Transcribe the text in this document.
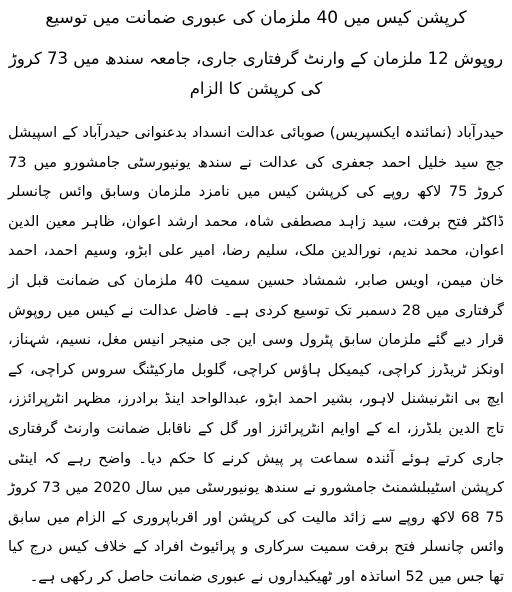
کرپشن کیس میں 40 ملزمان کی عبوری ضمانت میں توسیع
روپوش 12 ملزمان کے وارنٹ گرفتاری جاری، جامعہ سندھ میں 73 کروڑ کی کرپشن کا الزام

حیدرآباد (نمائندہ ایکسپریس) صوبائی عدالت انسداد بدعنوانی حیدرآباد کے اسپیشل جج سید خلیل احمد جعفری کی عدالت نے سندھ یونیورسٹی جامشورو میں 73 کروڑ 75 لاکھ روپے کی کرپشن کیس میں نامزد ملزمان وسابق وائس چانسلر ڈاکٹر فتح برفت، سید زاہد مصطفی شاہ، محمد ارشد اعوان، ظاہر معین الدین اعوان، محمد ندیم، نورالدین ملک، سلیم رضا، امیر علی ابڑو، وسیم احمد، احمد خان میمن، اویس صابر، شمشاد حسین سمیت 40 ملزمان کی ضمانت قبل از گرفتاری میں 28 دسمبر تک توسیع کردی ہے۔ فاضل عدالت نے کیس میں روپوش قرار دیے گئے ملزمان سابق پٹرول وسی این جی منیجر انیس مغل، نسیم، شہناز، اونکز ٹریڈرز کراچی، کیمیکل ہاؤس کراچی، گلوبل مارکیٹنگ سروس کراچی، کے ایچ بی انٹرنیشنل لاہور، بشیر احمد ابڑو، عبدالواحد اینڈ برادرز، مظہر انٹرپرائزز، تاج الدین بلڈرز، اے کے اوایم انٹرپرائزز اور گل کے ناقابل ضمانت وارنٹ گرفتاری جاری کرتے ہوئے آئندہ سماعت پر پیش کرنے کا حکم دیا۔ واضح رہے کہ اینٹی کرپشن اسٹیبلشمنٹ جامشورو نے سندھ یونیورسٹی میں سال 2020 میں 73 کروڑ 75 68 لاکھ روپے سے زائد مالیت کی کرپشن اور اقرباپروری کے الزام میں سابق وائس چانسلر فتح برفت سمیت سرکاری و پرائیوٹ افراد کے خلاف کیس درج کیا تھا جس میں 52 اساتذہ اور ٹھیکیداروں نے عبوری ضمانت حاصل کر رکھی ہے۔
